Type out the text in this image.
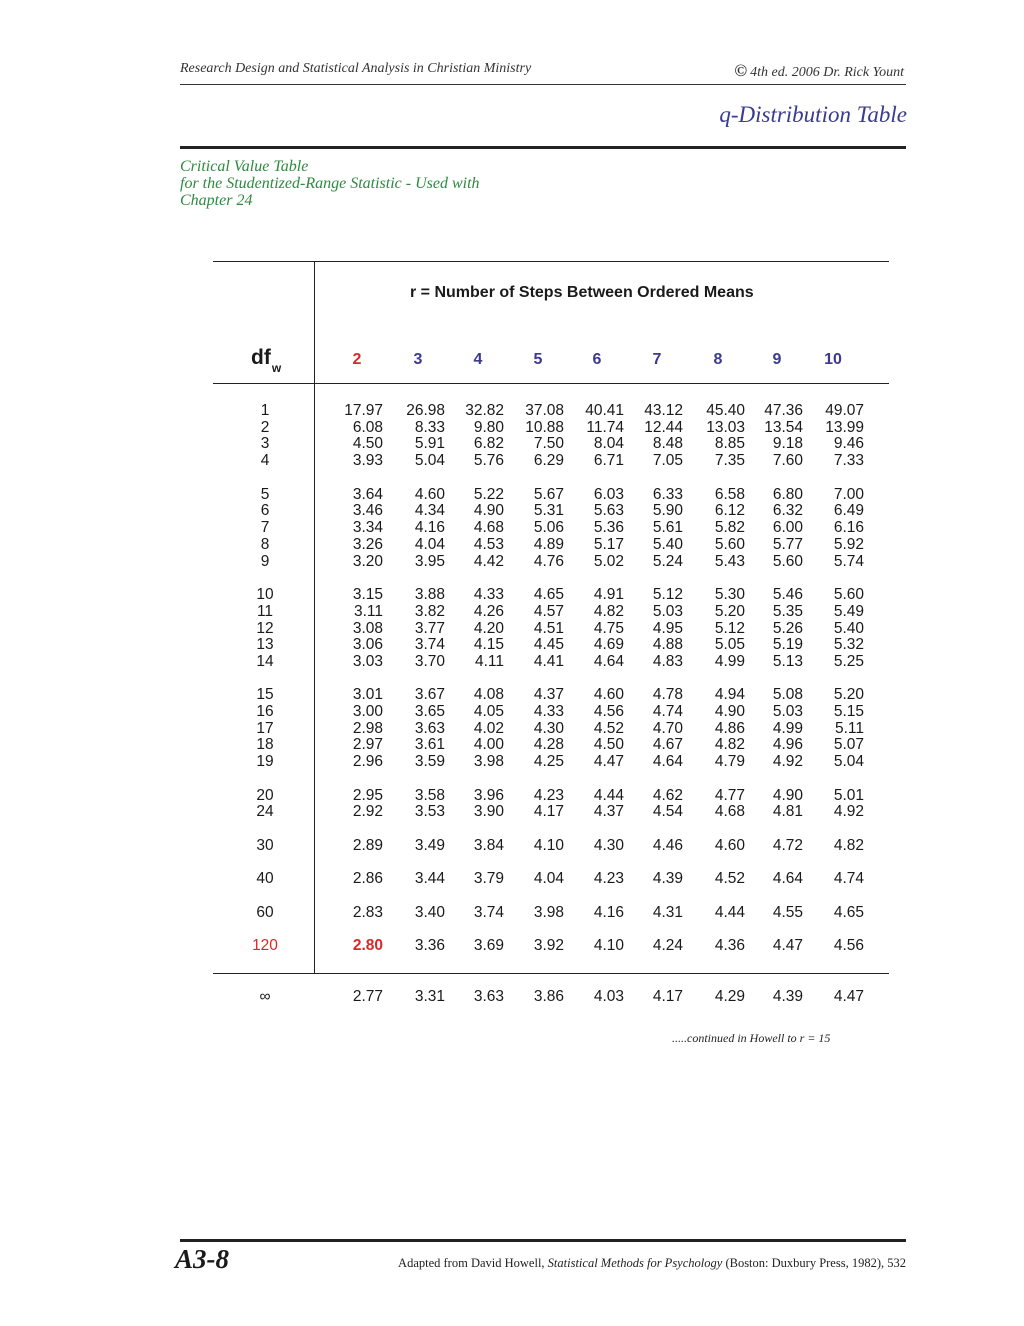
Research Design and Statistical Analysis in Christian Ministry	© 4th ed. 2006 Dr. Rick Yount
q-Distribution Table
Critical Value Table
for the Studentized-Range Statistic - Used with
Chapter 24
r = Number of Steps Between Ordered Means
$df_w$	2	3	4	5	6	7	8	9	10
1	17.97	26.98	32.82	37.08	40.41	43.12	45.40	47.36	49.07
2	6.08	8.33	9.80	10.88	11.74	12.44	13.03	13.54	13.99
3	4.50	5.91	6.82	7.50	8.04	8.48	8.85	9.18	9.46
4	3.93	5.04	5.76	6.29	6.71	7.05	7.35	7.60	7.33
5	3.64	4.60	5.22	5.67	6.03	6.33	6.58	6.80	7.00
6	3.46	4.34	4.90	5.31	5.63	5.90	6.12	6.32	6.49
7	3.34	4.16	4.68	5.06	5.36	5.61	5.82	6.00	6.16
8	3.26	4.04	4.53	4.89	5.17	5.40	5.60	5.77	5.92
9	3.20	3.95	4.42	4.76	5.02	5.24	5.43	5.60	5.74
10	3.15	3.88	4.33	4.65	4.91	5.12	5.30	5.46	5.60
11	3.11	3.82	4.26	4.57	4.82	5.03	5.20	5.35	5.49
12	3.08	3.77	4.20	4.51	4.75	4.95	5.12	5.26	5.40
13	3.06	3.74	4.15	4.45	4.69	4.88	5.05	5.19	5.32
14	3.03	3.70	4.11	4.41	4.64	4.83	4.99	5.13	5.25
15	3.01	3.67	4.08	4.37	4.60	4.78	4.94	5.08	5.20
16	3.00	3.65	4.05	4.33	4.56	4.74	4.90	5.03	5.15
17	2.98	3.63	4.02	4.30	4.52	4.70	4.86	4.99	5.11
18	2.97	3.61	4.00	4.28	4.50	4.67	4.82	4.96	5.07
19	2.96	3.59	3.98	4.25	4.47	4.64	4.79	4.92	5.04
20	2.95	3.58	3.96	4.23	4.44	4.62	4.77	4.90	5.01
24	2.92	3.53	3.90	4.17	4.37	4.54	4.68	4.81	4.92
30	2.89	3.49	3.84	4.10	4.30	4.46	4.60	4.72	4.82
40	2.86	3.44	3.79	4.04	4.23	4.39	4.52	4.64	4.74
60	2.83	3.40	3.74	3.98	4.16	4.31	4.44	4.55	4.65
120	2.80	3.36	3.69	3.92	4.10	4.24	4.36	4.47	4.56
∞	2.77	3.31	3.63	3.86	4.03	4.17	4.29	4.39	4.47
.....continued in Howell to r = 15
A3-8	Adapted from David Howell, Statistical Methods for Psychology (Boston: Duxbury Press, 1982), 532
